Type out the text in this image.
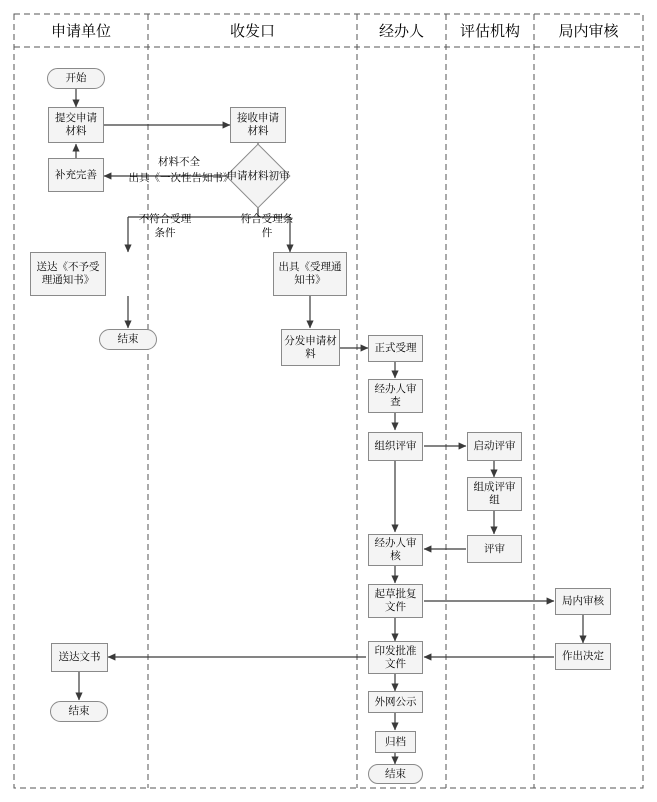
申请单位	收发口	经办人	评估机构	局内审核
开始
提交申请材料
补充完善
接收申请材料
申请材料初审
送达《不予受理通知书》
结束
出具《受理通知书》
分发申请材料	正式受理
经办人审查
组织评审	启动评审
组成评审组
评审
经办人审核
起草批复文件	局内审核
作出决定
印发批准文件
送达文书
结束
外网公示
归档
结束
材料不全
出具《一次性告知书》
不符合受理条件
符合受理条件
